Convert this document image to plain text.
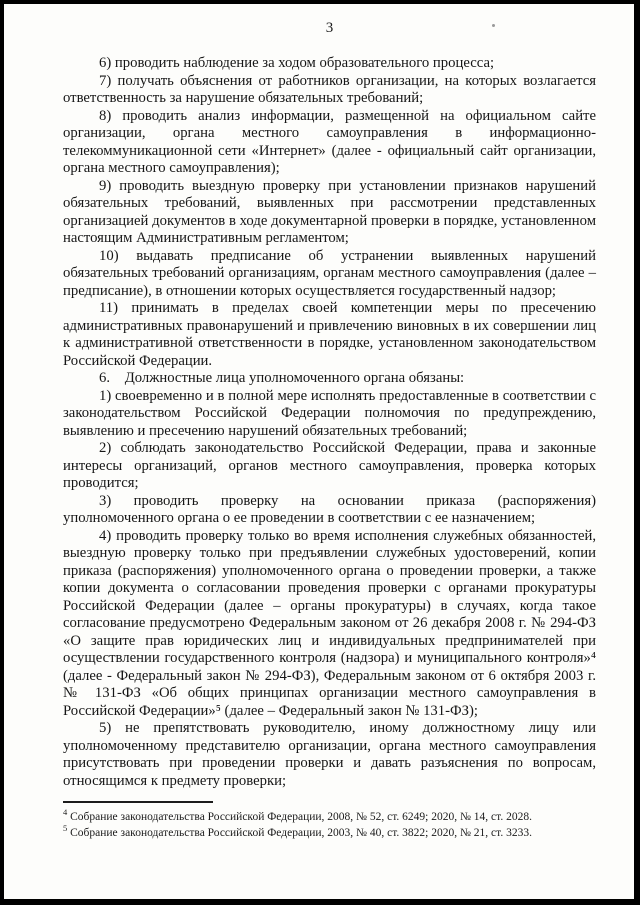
3

6) проводить наблюдение за ходом образовательного процесса;

7) получать объяснения от работников организации, на которых возлагается ответственность за нарушение обязательных требований;

8) проводить анализ информации, размещенной на официальном сайте организации, органа местного самоуправления в информационно-телекоммуникационной сети «Интернет» (далее - официальный сайт организации, органа местного самоуправления);

9) проводить выездную проверку при установлении признаков нарушений обязательных требований, выявленных при рассмотрении представленных организацией документов в ходе документарной проверки в порядке, установленном настоящим Административным регламентом;

10) выдавать предписание об устранении выявленных нарушений обязательных требований организациям, органам местного самоуправления (далее – предписание), в отношении которых осуществляется государственный надзор;

11) принимать в пределах своей компетенции меры по пресечению административных правонарушений и привлечению виновных в их совершении лиц к административной ответственности в порядке, установленном законодательством Российской Федерации.

6. Должностные лица уполномоченного органа обязаны:

1) своевременно и в полной мере исполнять предоставленные в соответствии с законодательством Российской Федерации полномочия по предупреждению, выявлению и пресечению нарушений обязательных требований;

2) соблюдать законодательство Российской Федерации, права и законные интересы организаций, органов местного самоуправления, проверка которых проводится;

3) проводить проверку на основании приказа (распоряжения) уполномоченного органа о ее проведении в соответствии с ее назначением;

4) проводить проверку только во время исполнения служебных обязанностей, выездную проверку только при предъявлении служебных удостоверений, копии приказа (распоряжения) уполномоченного органа о проведении проверки, а также копии документа о согласовании проведения проверки с органами прокуратуры Российской Федерации (далее – органы прокуратуры) в случаях, когда такое согласование предусмотрено Федеральным законом от 26 декабря 2008 г. № 294-ФЗ «О защите прав юридических лиц и индивидуальных предпринимателей при осуществлении государственного контроля (надзора) и муниципального контроля»⁴ (далее - Федеральный закон № 294-ФЗ), Федеральным законом от 6 октября 2003 г. № 131-ФЗ «Об общих принципах организации местного самоуправления в Российской Федерации»⁵ (далее – Федеральный закон № 131-ФЗ);

5) не препятствовать руководителю, иному должностному лицу или уполномоченному представителю организации, органа местного самоуправления присутствовать при проведении проверки и давать разъяснения по вопросам, относящимся к предмету проверки;

$^4$ Собрание законодательства Российской Федерации, 2008, № 52, ст. 6249; 2020, № 14, ст. 2028.

$^5$ Собрание законодательства Российской Федерации, 2003, № 40, ст. 3822; 2020, № 21, ст. 3233.
